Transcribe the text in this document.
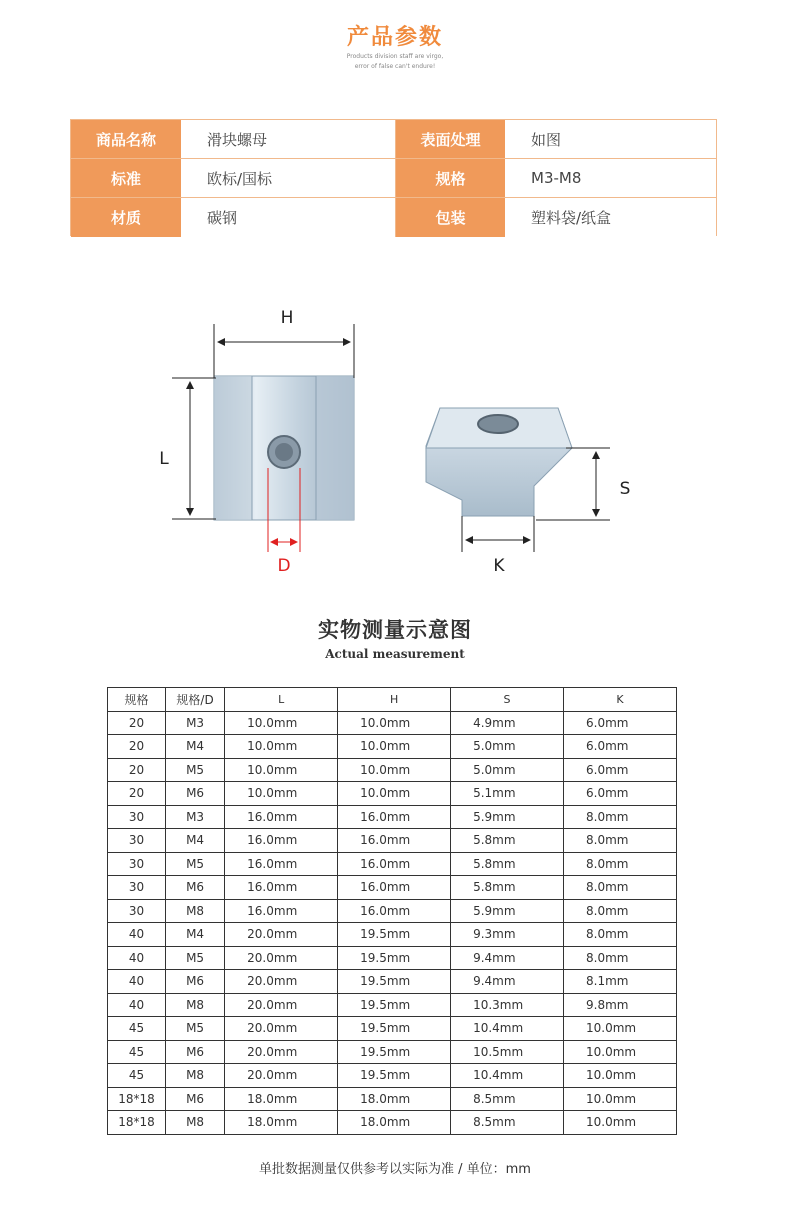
产品参数
Products division staff are virgo,
error of false can't endure!
商品名称	滑块螺母	表面处理	如图
标准	欧标/国标	规格	M3-M8
材质	碳钢	包装	塑料袋/纸盒
H
L
D
S
K
实物测量示意图
Actual measurement
规格	规格/D	L	H	S	K
20	M3	10.0mm	10.0mm	4.9mm	6.0mm
20	M4	10.0mm	10.0mm	5.0mm	6.0mm
20	M5	10.0mm	10.0mm	5.0mm	6.0mm
20	M6	10.0mm	10.0mm	5.1mm	6.0mm
30	M3	16.0mm	16.0mm	5.9mm	8.0mm
30	M4	16.0mm	16.0mm	5.8mm	8.0mm
30	M5	16.0mm	16.0mm	5.8mm	8.0mm
30	M6	16.0mm	16.0mm	5.8mm	8.0mm
30	M8	16.0mm	16.0mm	5.9mm	8.0mm
40	M4	20.0mm	19.5mm	9.3mm	8.0mm
40	M5	20.0mm	19.5mm	9.4mm	8.0mm
40	M6	20.0mm	19.5mm	9.4mm	8.1mm
40	M8	20.0mm	19.5mm	10.3mm	9.8mm
45	M5	20.0mm	19.5mm	10.4mm	10.0mm
45	M6	20.0mm	19.5mm	10.5mm	10.0mm
45	M8	20.0mm	19.5mm	10.4mm	10.0mm
18*18	M6	18.0mm	18.0mm	8.5mm	10.0mm
18*18	M8	18.0mm	18.0mm	8.5mm	10.0mm
单批数据测量仅供参考以实际为准 / 单位：mm
